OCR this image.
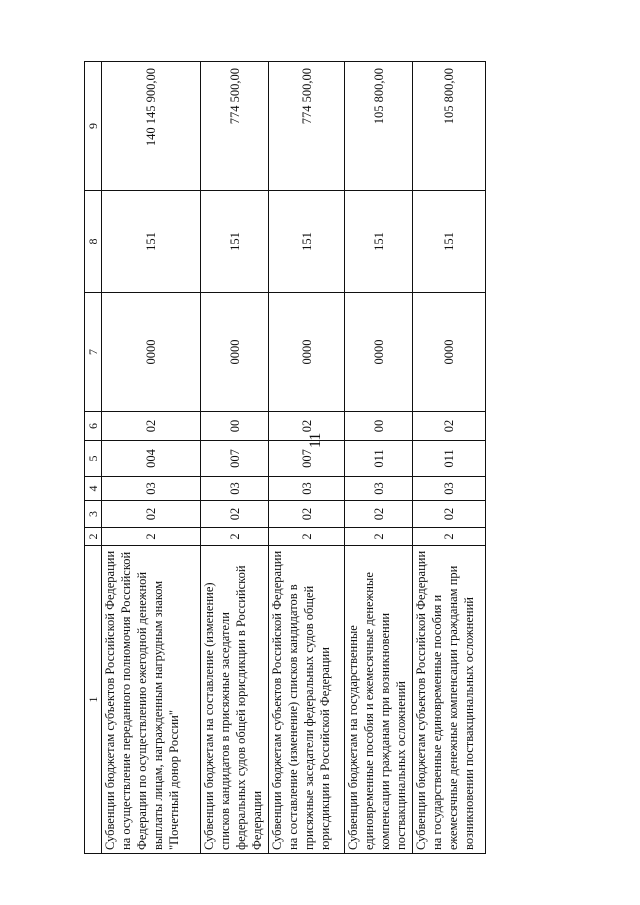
11
1	2	3	4	5	6	7	8	9
Субвенции бюджетам субъектов Российской Федерации на осуществление переданного полномочия Российской Федерации по осуществлению ежегодной денежной выплаты лицам, награжденным нагрудным знаком "Почетный донор России"	2	02	03	004	02	0000	151	140 145 900,00
Субвенции бюджетам на составление (изменение) списков кандидатов в присяжные заседатели федеральных судов общей юрисдикции в Российской Федерации	2	02	03	007	00	0000	151	774 500,00
Субвенции бюджетам субъектов Российской Федерации на составление (изменение) списков кандидатов в присяжные заседатели федеральных судов общей юрисдикции в Российской Федерации	2	02	03	007	02	0000	151	774 500,00
Субвенции бюджетам на государственные единовременные пособия и ежемесячные денежные компенсации гражданам при возникновении поствакцинальных осложнений	2	02	03	011	00	0000	151	105 800,00
Субвенции бюджетам субъектов Российской Федерации на государственные единовременные пособия и ежемесячные денежные компенсации гражданам при возникновении поствакцинальных осложнений	2	02	03	011	02	0000	151	105 800,00
